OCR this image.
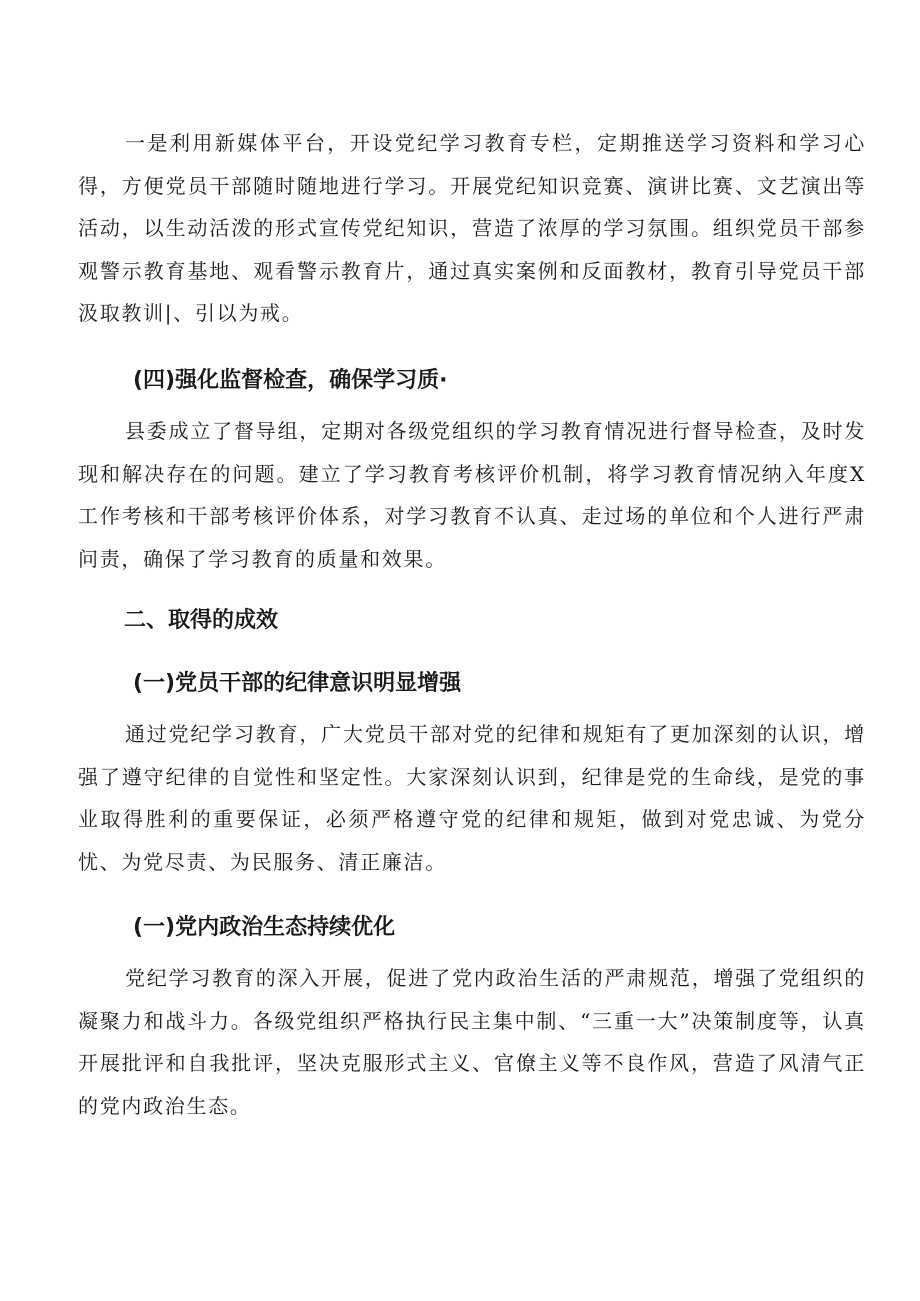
一是利用新媒体平台，开设党纪学习教育专栏，定期推送学习资料和学习心得，方便党员干部随时随地进行学习。开展党纪知识竞赛、演讲比赛、文艺演出等活动，以生动活泼的形式宣传党纪知识，营造了浓厚的学习氛围。组织党员干部参观警示教育基地、观看警示教育片，通过真实案例和反面教材，教育引导党员干部汲取教训|、引以为戒。

(四)强化监督检查，确保学习质·

县委成立了督导组，定期对各级党组织的学习教育情况进行督导检查，及时发现和解决存在的问题。建立了学习教育考核评价机制，将学习教育情况纳入年度X工作考核和干部考核评价体系，对学习教育不认真、走过场的单位和个人进行严肃问责，确保了学习教育的质量和效果。

二、取得的成效
(一)党员干部的纪律意识明显增强

通过党纪学习教育，广大党员干部对党的纪律和规矩有了更加深刻的认识，增强了遵守纪律的自觉性和坚定性。大家深刻认识到，纪律是党的生命线，是党的事业取得胜利的重要保证，必须严格遵守党的纪律和规矩，做到对党忠诚、为党分忧、为党尽责、为民服务、清正廉洁。

(一)党内政治生态持续优化

党纪学习教育的深入开展，促进了党内政治生活的严肃规范，增强了党组织的凝聚力和战斗力。各级党组织严格执行民主集中制、“三重一大”决策制度等，认真开展批评和自我批评，坚决克服形式主义、官僚主义等不良作风，营造了风清气正的党内政治生态。
